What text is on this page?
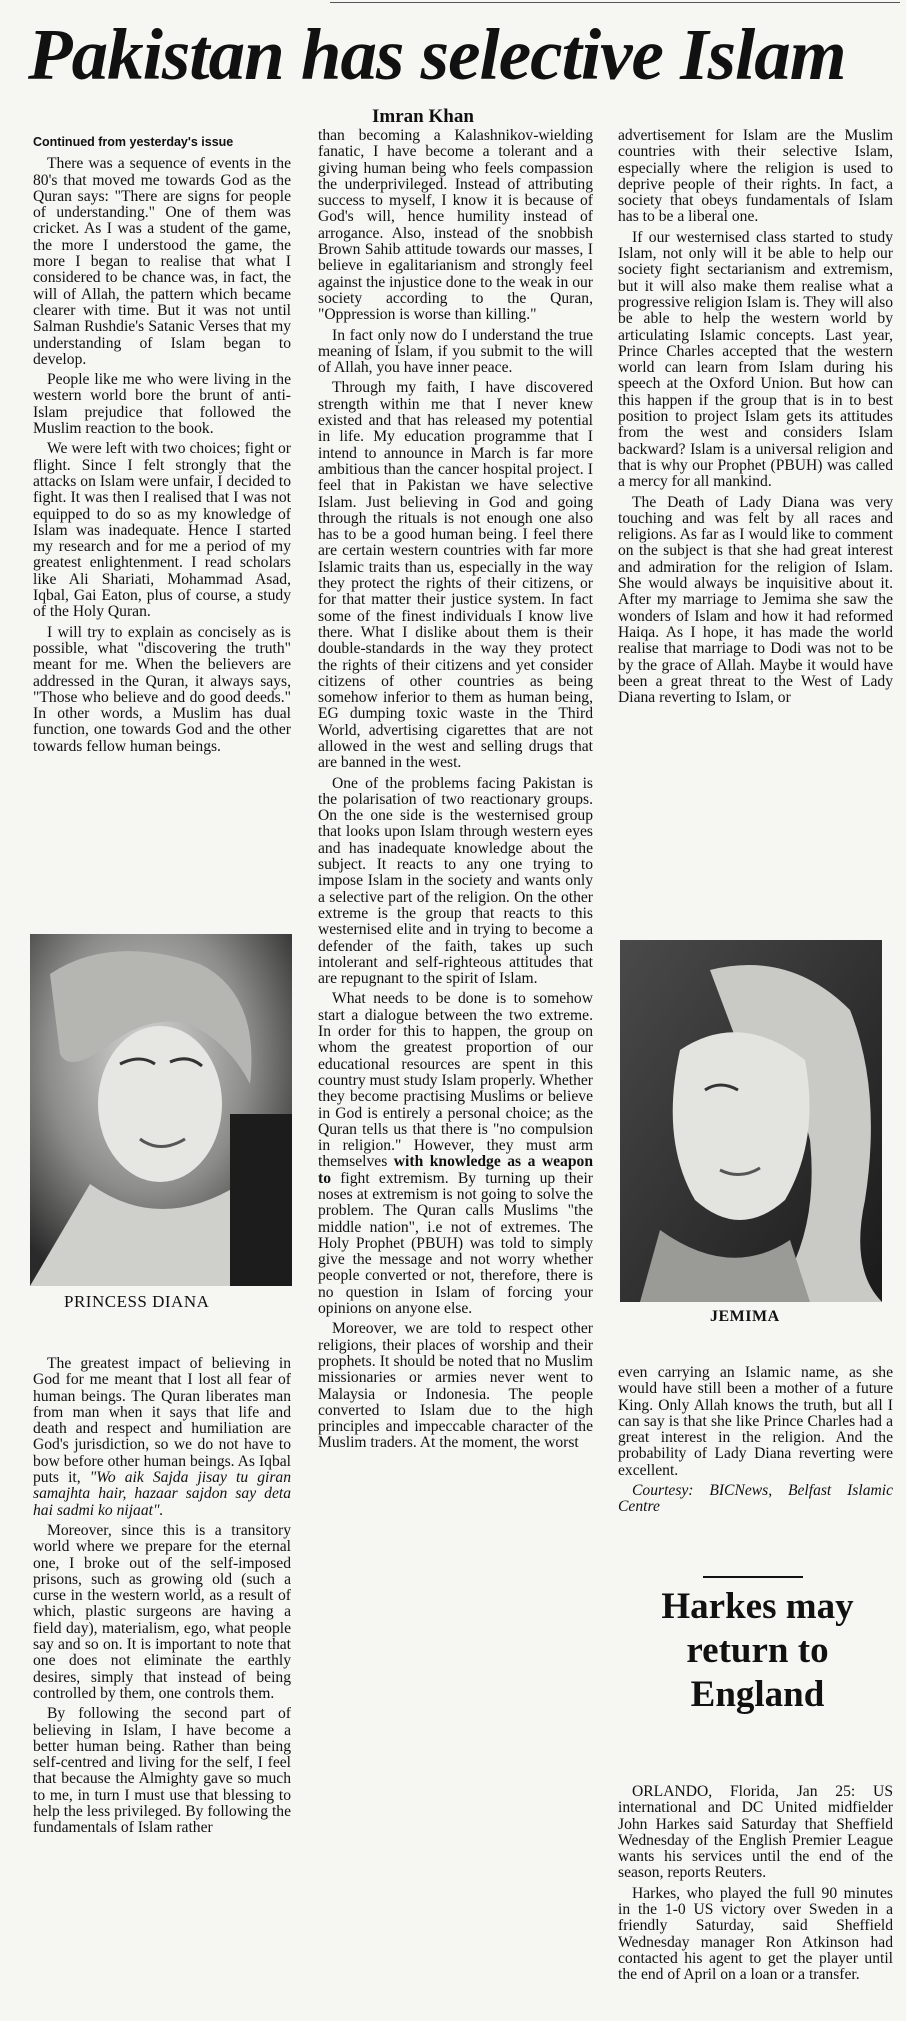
Pakistan has selective Islam
Imran Khan

Continued from yesterday's issue

There was a sequence of events in the 80's that moved me towards God as the Quran says: "There are signs for people of understanding." One of them was cricket. As I was a student of the game, the more I understood the game, the more I began to realise that what I considered to be chance was, in fact, the will of Allah, the pattern which became clearer with time. But it was not until Salman Rushdie's Satanic Verses that my understanding of Islam began to develop.

People like me who were living in the western world bore the brunt of anti-Islam prejudice that followed the Muslim reaction to the book.

We were left with two choices; fight or flight. Since I felt strongly that the attacks on Islam were unfair, I decided to fight. It was then I realised that I was not equipped to do so as my knowledge of Islam was inadequate. Hence I started my research and for me a period of my greatest enlightenment. I read scholars like Ali Shariati, Mohammad Asad, Iqbal, Gai Eaton, plus of course, a study of the Holy Quran.

I will try to explain as concisely as is possible, what "discovering the truth" meant for me. When the believers are addressed in the Quran, it always says, "Those who believe and do good deeds." In other words, a Muslim has dual function, one towards God and the other towards fellow human beings.

PRINCESS DIANA

The greatest impact of believing in God for me meant that I lost all fear of human beings. The Quran liberates man from man when it says that life and death and respect and humiliation are God's jurisdiction, so we do not have to bow before other human beings. As Iqbal puts it, "Wo aik Sajda jisay tu giran samajhta hair, hazaar sajdon say deta hai sadmi ko nijaat".

Moreover, since this is a transitory world where we prepare for the eternal one, I broke out of the self-imposed prisons, such as growing old (such a curse in the western world, as a result of which, plastic surgeons are having a field day), materialism, ego, what people say and so on. It is important to note that one does not eliminate the earthly desires, simply that instead of being controlled by them, one controls them.

By following the second part of believing in Islam, I have become a better human being. Rather than being self-centred and living for the self, I feel that because the Almighty gave so much to me, in turn I must use that blessing to help the less privileged. By following the fundamentals of Islam rather

than becoming a Kalashnikov-wielding fanatic, I have become a tolerant and a giving human being who feels compassion the underprivileged. Instead of attributing success to myself, I know it is because of God's will, hence humility instead of arrogance. Also, instead of the snobbish Brown Sahib attitude towards our masses, I believe in egalitarianism and strongly feel against the injustice done to the weak in our society according to the Quran, "Oppression is worse than killing."

In fact only now do I understand the true meaning of Islam, if you submit to the will of Allah, you have inner peace.

Through my faith, I have discovered strength within me that I never knew existed and that has released my potential in life. My education programme that I intend to announce in March is far more ambitious than the cancer hospital project. I feel that in Pakistan we have selective Islam. Just believing in God and going through the rituals is not enough one also has to be a good human being. I feel there are certain western countries with far more Islamic traits than us, especially in the way they protect the rights of their citizens, or for that matter their justice system. In fact some of the finest individuals I know live there. What I dislike about them is their double-standards in the way they protect the rights of their citizens and yet consider citizens of other countries as being somehow inferior to them as human being, EG dumping toxic waste in the Third World, advertising cigarettes that are not allowed in the west and selling drugs that are banned in the west.

One of the problems facing Pakistan is the polarisation of two reactionary groups. On the one side is the westernised group that looks upon Islam through western eyes and has inadequate knowledge about the subject. It reacts to any one trying to impose Islam in the society and wants only a selective part of the religion. On the other extreme is the group that reacts to this westernised elite and in trying to become a defender of the faith, takes up such intolerant and self-righteous attitudes that are repugnant to the spirit of Islam.

What needs to be done is to somehow start a dialogue between the two extreme. In order for this to happen, the group on whom the greatest proportion of our educational resources are spent in this country must study Islam properly. Whether they become practising Muslims or believe in God is entirely a personal choice; as the Quran tells us that there is "no compulsion in religion." However, they must arm themselves with knowledge as a weapon to fight extremism. By turning up their noses at extremism is not going to solve the problem. The Quran calls Muslims "the middle nation", i.e not of extremes. The Holy Prophet (PBUH) was told to simply give the message and not worry whether people converted or not, therefore, there is no question in Islam of forcing your opinions on anyone else.

Moreover, we are told to respect other religions, their places of worship and their prophets. It should be noted that no Muslim missionaries or armies never went to Malaysia or Indonesia. The people converted to Islam due to the high principles and impeccable character of the Muslim traders. At the moment, the worst

advertisement for Islam are the Muslim countries with their selective Islam, especially where the religion is used to deprive people of their rights. In fact, a society that obeys fundamentals of Islam has to be a liberal one.

If our westernised class started to study Islam, not only will it be able to help our society fight sectarianism and extremism, but it will also make them realise what a progressive religion Islam is. They will also be able to help the western world by articulating Islamic concepts. Last year, Prince Charles accepted that the western world can learn from Islam during his speech at the Oxford Union. But how can this happen if the group that is in to best position to project Islam gets its attitudes from the west and considers Islam backward? Islam is a universal religion and that is why our Prophet (PBUH) was called a mercy for all mankind.

The Death of Lady Diana was very touching and was felt by all races and religions. As far as I would like to comment on the subject is that she had great interest and admiration for the religion of Islam. She would always be inquisitive about it. After my marriage to Jemima she saw the wonders of Islam and how it had reformed Haiqa. As I hope, it has made the world realise that marriage to Dodi was not to be by the grace of Allah. Maybe it would have been a great threat to the West of Lady Diana reverting to Islam, or

JEMIMA

even carrying an Islamic name, as she would have still been a mother of a future King. Only Allah knows the truth, but all I can say is that she like Prince Charles had a great interest in the religion. And the probability of Lady Diana reverting were excellent.

Courtesy: BICNews, Belfast Islamic Centre

Harkes may return to England

ORLANDO, Florida, Jan 25: US international and DC United midfielder John Harkes said Saturday that Sheffield Wednesday of the English Premier League wants his services until the end of the season, reports Reuters.

Harkes, who played the full 90 minutes in the 1-0 US victory over Sweden in a friendly Saturday, said Sheffield Wednesday manager Ron Atkinson had contacted his agent to get the player until the end of April on a loan or a transfer.
